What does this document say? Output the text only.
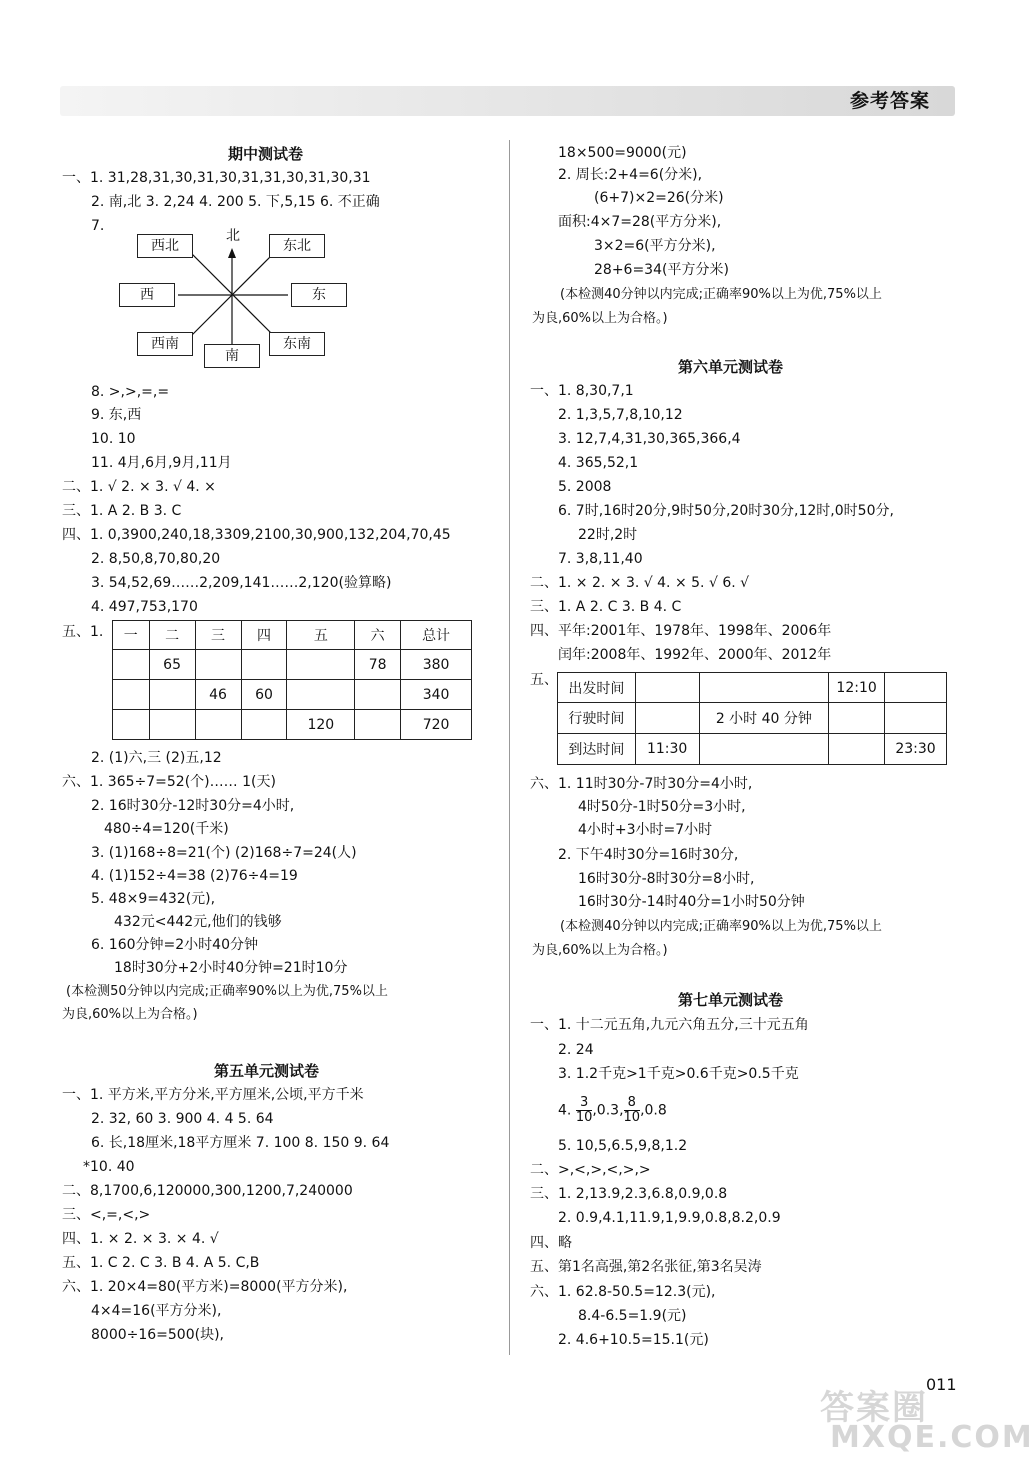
参考答案
期中测试卷
一、1. 31,28,31,30,31,30,31,31,30,31,30,31
2. 南,北 3. 2,24 4. 200 5. 下,5,15 6. 不正确
7.
北
西北	东北
西	东
西南
南
东南
8. >,>,=,=
9. 东,西
10. 10
11. 4月,6月,9月,11月
二、1. √ 2. × 3. √ 4. ×
三、1. A 2. B 3. C
四、1. 0,3900,240,18,3309,2100,30,900,132,204,70,45
2. 8,50,8,70,80,20
3. 54,52,69……2,209,141……2,120(验算略)
4. 497,753,170
五、1. 一	二	三	四	五	六	总计
	65				78	380
		46	60			340
				120		720
2. (1)六,三 (2)五,12
六、1. 365÷7=52(个)…… 1(天)
2. 16时30分-12时30分=4小时,
480÷4=120(千米)
3. (1)168÷8=21(个) (2)168÷7=24(人)
4. (1)152÷4=38 (2)76÷4=19
5. 48×9=432(元),
432元<442元,他们的钱够
6. 160分钟=2小时40分钟
18时30分+2小时40分钟=21时10分
(本检测50分钟以内完成;正确率90%以上为优,75%以上
为良,60%以上为合格。)
第五单元测试卷
一、1. 平方米,平方分米,平方厘米,公顷,平方千米
2. 32, 60 3. 900 4. 4 5. 64
6. 长,18厘米,18平方厘米 7. 100 8. 150 9. 64
*10. 40
二、8,1700,6,120000,300,1200,7,240000
三、<,=,<,>
四、1. × 2. × 3. × 4. √
五、1. C 2. C 3. B 4. A 5. C,B
六、1. 20×4=80(平方米)=8000(平方分米),
4×4=16(平方分米),
8000÷16=500(块),
18×500=9000(元)
2. 周长:2+4=6(分米),
(6+7)×2=26(分米)
面积:4×7=28(平方分米),
3×2=6(平方分米),
28+6=34(平方分米)
(本检测40分钟以内完成;正确率90%以上为优,75%以上
为良,60%以上为合格。)
第六单元测试卷
一、1. 8,30,7,1
2. 1,3,5,7,8,10,12
3. 12,7,4,31,30,365,366,4
4. 365,52,1
5. 2008
6. 7时,16时20分,9时50分,20时30分,12时,0时50分,
22时,2时
7. 3,8,11,40
二、1. × 2. × 3. √ 4. × 5. √ 6. √
三、1. A 2. C 3. B 4. C
四、平年:2001年、1978年、1998年、2006年
闰年:2008年、1992年、2000年、2012年
五、
出发时间			12:10	
行驶时间		2 小时 40 分钟		
到达时间	11:30			23:30
六、1. 11时30分-7时30分=4小时,
4时50分-1时50分=3小时,
4小时+3小时=7小时
2. 下午4时30分=16时30分,
16时30分-8时30分=8小时,
16时30分-14时40分=1小时50分钟
(本检测40分钟以内完成;正确率90%以上为优,75%以上
为良,60%以上为合格。)
第七单元测试卷
一、1. 十二元五角,九元六角五分,三十元五角
2. 24
3. 1.2千克>1千克>0.6千克>0.5千克
4. $\frac{3}{10} ,0.3$, $\frac{8}{10} ,0.8$
5. 10,5,6.5,9,8,1.2
二、>,<,>,<,>,>
三、1. 2,13.9,2.3,6.8,0.9,0.8
2. 0.9,4.1,11.9,1,9.9,0.8,8.2,0.9
四、略
五、第1名高强,第2名张征,第3名吴涛
六、1. 62.8-50.5=12.3(元),
8.4-6.5=1.9(元)
2. 4.6+10.5=15.1(元)
答案圈
MXQE.COM
011
